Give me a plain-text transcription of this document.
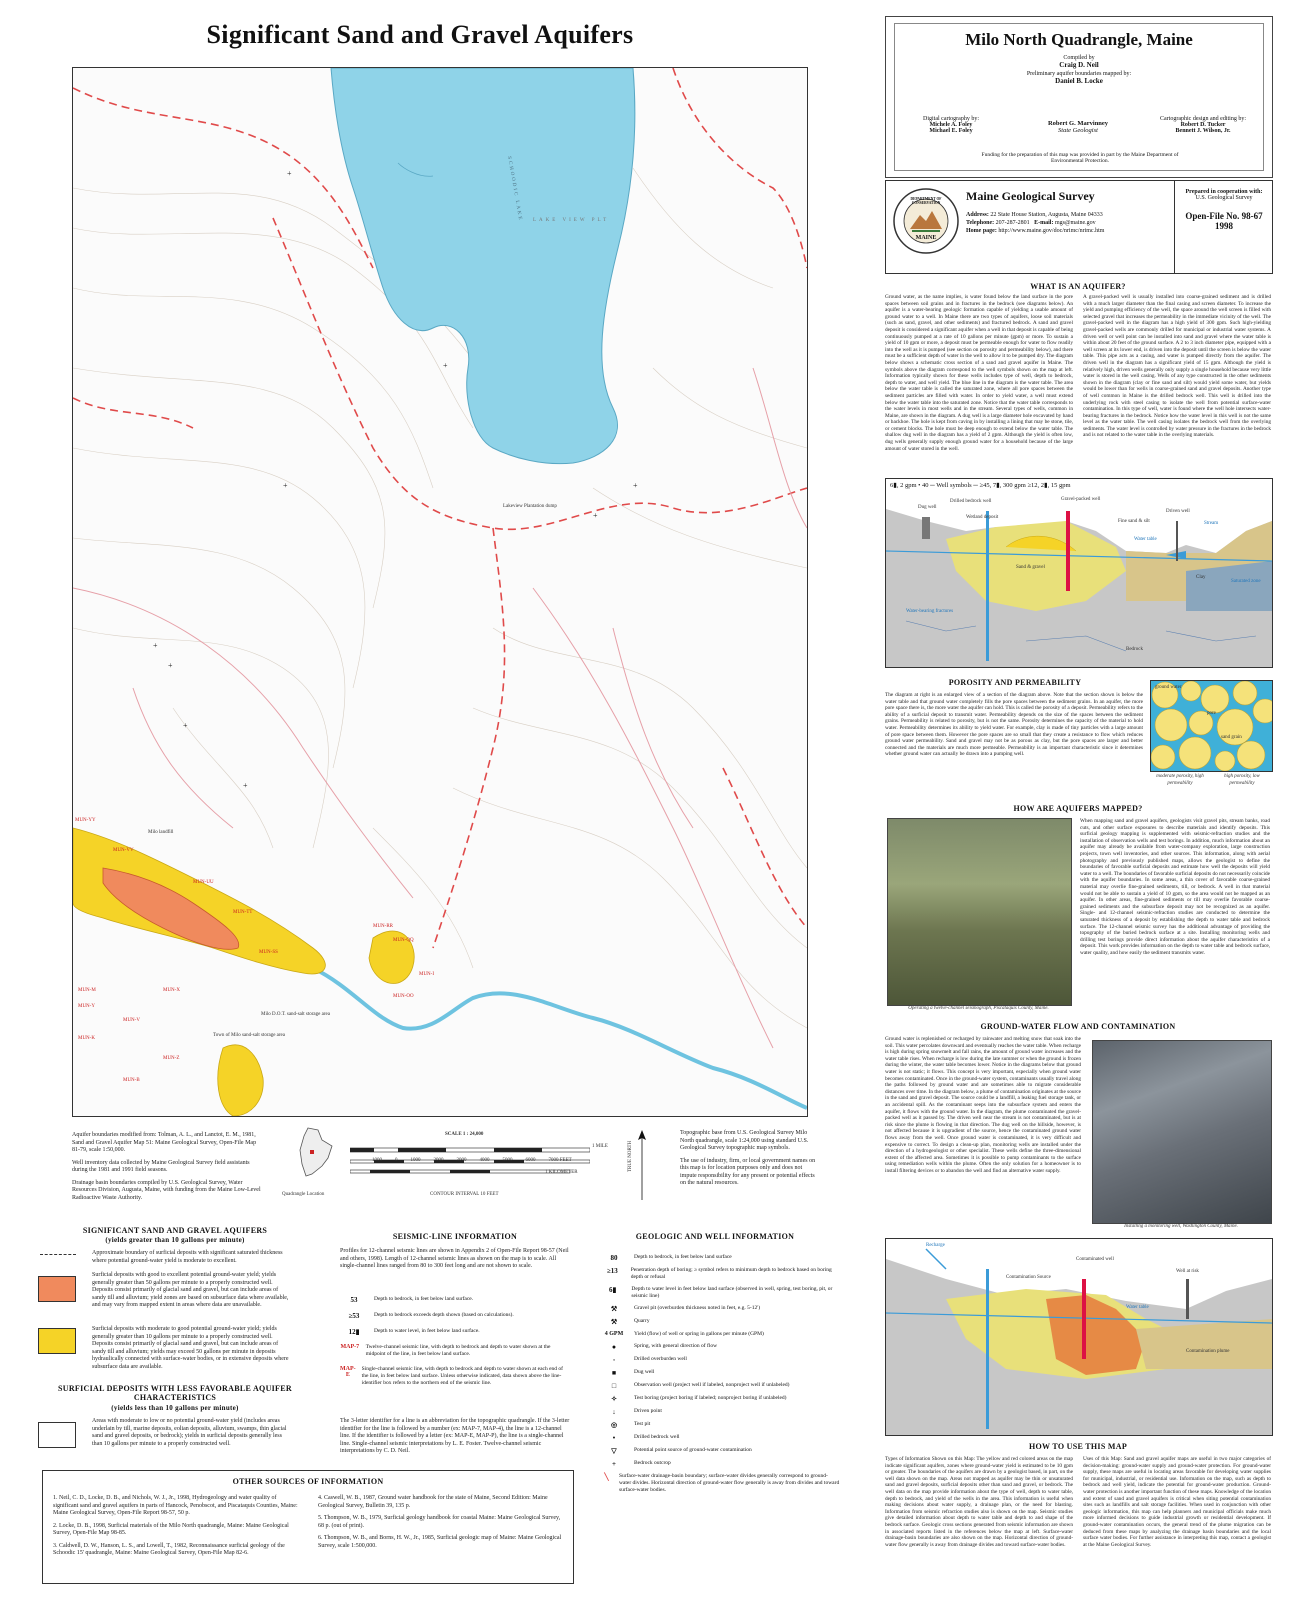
Significant Sand and Gravel Aquifers
+
+
+
+
+
+
+
+
+
SCHOODIC LAKE LAKE VIEW PLT
Lakeview Plantation dump
Milo landfill
Milo D.O.T. sand-salt storage area
Town of Milo sand-salt storage area
MUN-YY
MUN-VV
MUN-UU
MUN-TT
MUN-SS
MUN-RR
MUN-QQ
MUN-I
MUN-OO
MUN-M
MUN-Y
MUN-X
MUN-V
MUN-Z
MUN-B
MUN-K
Aquifer boundaries modified from: Tolman, A. L., and Lanctot, E. M., 1981, Sand and Gravel Aquifer Map 51: Maine Geological Survey, Open-File Map 81-79, scale 1:50,000.
Well inventory data collected by Maine Geological Survey field assistants during the 1981 and 1991 field seasons.
Drainage basin boundaries compiled by U.S. Geological Survey, Water Resources Division, Augusta, Maine, with funding from the Maine Low-Level Radioactive Waste Authority.	Quadrangle Location
SCALE 1 : 24,000
1 MILE
1 KILOMETER
1000	0	1000	2000	3000	4000	5000	6000	7000 FEET
CONTOUR INTERVAL 10 FEET
TRUE NORTH
Topographic base from U.S. Geological Survey Milo North quadrangle, scale 1:24,000 using standard U.S. Geological Survey topographic map symbols.
The use of industry, firm, or local government names on this map is for location purposes only and does not impute responsibility for any present or potential effects on the natural resources.
SIGNIFICANT SAND AND GRAVEL AQUIFERS
(yields greater than 10 gallons per minute)
Approximate boundary of surficial deposits with significant saturated thickness where potential ground-water yield is moderate to excellent.
Surficial deposits with good to excellent potential ground-water yield; yields generally greater than 50 gallons per minute to a properly constructed well. Deposits consist primarily of glacial sand and gravel, but can include areas of sandy till and alluvium; yield zones are based on subsurface data where available, and may vary from mapped extent in areas where data are unavailable.
Surficial deposits with moderate to good potential ground-water yield; yields generally greater than 10 gallons per minute to a properly constructed well. Deposits consist primarily of glacial sand and gravel, but can include areas of sandy till and alluvium; yields may exceed 50 gallons per minute in deposits hydraulically connected with surface-water bodies, or in extensive deposits where subsurface data are available.
SURFICIAL DEPOSITS WITH LESS FAVORABLE AQUIFER CHARACTERISTICS
(yields less than 10 gallons per minute)
Areas with moderate to low or no potential ground-water yield (includes areas underlain by till, marine deposits, eolian deposits, alluvium, swamps, thin glacial sand and gravel deposits, or bedrock); yields in surficial deposits generally less than 10 gallons per minute to a properly constructed well.
SEISMIC-LINE INFORMATION
Profiles for 12-channel seismic lines are shown in Appendix 2 of Open-File Report 98-57 (Neil and others, 1998). Length of 12-channel seismic lines as shown on the map is to scale. All single-channel lines ranged from 80 to 300 feet long and are not shown to scale.
53	Depth to bedrock, in feet below land surface.
≥53	Depth to bedrock exceeds depth shown (based on calculations).
12▮	Depth to water level, in feet below land surface.
MAP-7 Twelve-channel seismic line, with depth to bedrock and depth to water shown at the midpoint of the line, in feet below land surface.
MAP-E
Single-channel seismic line, with depth to bedrock and depth to water shown at each end of the line, in feet below land surface. Unless otherwise indicated, data shown above the line-identifier box refers to the northern end of the seismic line.
The 3-letter identifier for a line is an abbreviation for the topographic quadrangle. If the 3-letter identifier for the line is followed by a number (ex: MAP-7, MAP-4), the line is a 12-channel line. If the identifier is followed by a letter (ex: MAP-E, MAP-P), the line is a single-channel line. Single-channel seismic interpretations by L. E. Foster. Twelve-channel seismic interpretations by C. D. Neil.
GEOLOGIC AND WELL INFORMATION
80	Depth to bedrock, in feet below land surface
≥13	Penetration depth of boring; ≥ symbol refers to minimum depth to bedrock based on boring depth or refusal
6▮	Depth to water level in feet below land surface (observed in well, spring, test boring, pit, or seismic line)
⚒	Gravel pit (overburden thickness noted in feet, e.g. 5-12')
⚒	Quarry
4 GPM	Yield (flow) of well or spring in gallons per minute (GPM)
●	Spring, with general direction of flow
◦	Drilled overburden well
■	Dug well
□	Observation well (project well if labeled, nonproject well if unlabeled)
✧	Test boring (project boring if labeled; nonproject boring if unlabeled)
↓	Driven point
◎	Test pit
•	Drilled bedrock well
▽	Potential point source of ground-water contamination
+	Bedrock outcrop
╲	Surface-water drainage-basin boundary; surface-water divides generally correspond to ground-water divides. Horizontal direction of ground-water flow generally is away from divides and toward surface-water bodies.
OTHER SOURCES OF INFORMATION
1. Neil, C. D., Locke, D. B., and Nichols, W. J., Jr., 1998, Hydrogeology and water quality of significant sand and gravel aquifers in parts of Hancock, Penobscot, and Piscataquis Counties, Maine: Maine Geological Survey, Open-File Report 98-57, 50 p.
2. Locke, D. B., 1998, Surficial materials of the Milo North quadrangle, Maine: Maine Geological Survey, Open-File Map 98-85.
3. Caldwell, D. W., Hanson, L. S., and Lowell, T., 1982, Reconnaissance surficial geology of the Schoodic 15' quadrangle, Maine: Maine Geological Survey, Open-File Map 82-6.
4. Caswell, W. B., 1987, Ground water handbook for the state of Maine, Second Edition: Maine Geological Survey, Bulletin 39, 135 p.
5. Thompson, W. B., 1979, Surficial geology handbook for coastal Maine: Maine Geological Survey, 68 p. (out of print).
6. Thompson, W. B., and Borns, H. W., Jr., 1985, Surficial geologic map of Maine: Maine Geological Survey, scale 1:500,000.
Milo North Quadrangle, Maine
Compiled by
Craig D. Neil
Preliminary aquifer boundaries mapped by:
Daniel B. Locke
Digital cartography by:
Michele A. Foley
Michael E. Foley
Robert G. Marvinney
State Geologist
Cartographic design and editing by:
Robert D. Tucker
Bennett J. Wilson, Jr.
Funding for the preparation of this map was provided in part by the Maine Department of Environmental Protection.
DEPARTMENT OF CONSERVATION
MAINE
Maine Geological Survey
Address: 22 State House Station, Augusta, Maine 04333
Telephone: 207-287-2801 E-mail: mgs@maine.gov
Home page: http://www.maine.gov/doc/nrimc/nrimc.htm
Prepared in cooperation with:
U.S. Geological Survey
Open-File No. 98-67
1998
WHAT IS AN AQUIFER?
Ground water, as the name implies, is water found below the land surface in the pore spaces between soil grains and in fractures in the bedrock (see diagrams below). An aquifer is a water-bearing geologic formation capable of yielding a usable amount of ground water to a well. In Maine there are two types of aquifers, loose soil materials (such as sand, gravel, and other sediments) and fractured bedrock. A sand and gravel deposit is considered a significant aquifer when a well in that deposit is capable of being continuously pumped at a rate of 10 gallons per minute (gpm) or more. To sustain a yield of 10 gpm or more, a deposit must be permeable enough for water to flow readily into the well as it is pumped (see section on porosity and permeability below), and there must be a sufficient depth of water in the well to allow it to be pumped dry. The diagram below shows a schematic cross section of a sand and gravel aquifer in Maine. The symbols above the diagram correspond to the well symbols shown on the map at left. Information typically shown for these wells includes type of well, depth to bedrock, depth to water, and well yield. The blue line in the diagram is the water table. The area below the water table is called the saturated zone, where all pore spaces between the sediment particles are filled with water. In order to yield water, a well must extend below the water table into the saturated zone. Notice that the water table corresponds to the water levels in most wells and in the stream. Several types of wells, common in Maine, are shown in the diagram. A dug well is a large diameter hole excavated by hand or backhoe. The hole is kept from caving in by installing a lining that may be stone, tile, or cement blocks. The hole must be deep enough to extend below the water table. The shallow dug well in the diagram has a yield of 2 gpm. Although the yield is often low, dug wells generally supply enough ground water for a household because of the large amount of water stored in the well.
A gravel-packed well is usually installed into coarse-grained sediment and is drilled with a much larger diameter than the final casing and screen diameter. To increase the yield and pumping efficiency of the well, the space around the well screen is filled with selected gravel that increases the permeability in the immediate vicinity of the well. The gravel-packed well in the diagram has a high yield of 300 gpm. Such high-yielding gravel-packed wells are commonly drilled for municipal or industrial water systems. A driven well or well point can be installed into sand and gravel where the water table is within about 20 feet of the ground surface. A 2 to 3 inch diameter pipe, equipped with a well screen at its lower end, is driven into the deposit until the screen is below the water table. This pipe acts as a casing, and water is pumped directly from the aquifer. The driven well in the diagram has a significant yield of 15 gpm. Although the yield is relatively high, driven wells generally only supply a single household because very little water is stored in the well casing. Wells of any type constructed in the other sediments shown in the diagram (clay or fine sand and silt) would yield some water, but yields would be lower than for wells in coarse-grained sand and gravel deposits. Another type of well common in Maine is the drilled bedrock well. This well is drilled into the underlying rock with steel casing to isolate the well from potential surface-water contamination. In this type of well, water is found where the well hole intersects water-bearing fractures in the bedrock. Notice how the water level in this well is not the same level as the water table. The well casing isolates the bedrock well from the overlying sediments. The water level is controlled by water pressure in the fractures in the bedrock and is not related to the water table in the overlying materials.
6▮, 2 gpm • 40 ─ Well symbols ─ ≥45, 7▮, 300 gpm ≥12, 2▮, 15 gpm
Dug well
Drilled bedrock well	Gravel-packed well
Driven well
Wetland deposit
Fine sand & silt	Stream
Water table
Sand & gravel
Clay
Saturated zone
Water-bearing fractures
Bedrock
POROSITY AND PERMEABILITY
The diagram at right is an enlarged view of a section of the diagram above. Note that the section shown is below the water table and that ground water completely fills the pore spaces between the sediment grains. In an aquifer, the more pore space there is, the more water the aquifer can hold. This is called the porosity of a deposit. Permeability refers to the ability of a surficial deposit to transmit water. Permeability depends on the size of the spaces between the sediment grains. Permeability is related to porosity, but is not the same. Porosity determines the capacity of the material to hold water. Permeability determines its ability to yield water. For example, clay is made of tiny particles with a large amount of pore space between them. However the pore spaces are so small that they create a resistance to flow which reduces ground water permeability. Sand and gravel may not be as porous as clay, but the pore spaces are larger and better connected and the materials are much more permeable. Permeability is an important characteristic since it determines whether ground water can actually be drawn into a pumping well.
ground water
pore
sand grain
moderate porosity, high permeability
high porosity, low permeability
HOW ARE AQUIFERS MAPPED?
Operating a twelve-channel seismograph, Piscataquis County, Maine.
When mapping sand and gravel aquifers, geologists visit gravel pits, stream banks, road cuts, and other surface exposures to describe materials and identify deposits. This surficial geology mapping is supplemented with seismic-refraction studies and the installation of observation wells and test borings. In addition, much information about an aquifer may already be available from water-company exploration, large construction projects, town well inventories, and other sources. This information, along with aerial photography and previously published maps, allows the geologist to define the boundaries of favorable surficial deposits and estimate how well the deposits will yield water to a well. The boundaries of favorable surficial deposits do not necessarily coincide with the aquifer boundaries. In some areas, a thin cover of favorable coarse-grained material may overlie fine-grained sediments, till, or bedrock. A well in that material would not be able to sustain a yield of 10 gpm, so the area would not be mapped as an aquifer. In other areas, fine-grained sediments or till may overlie favorable coarse-grained sediments and the subsurface deposit may not be recognized as an aquifer. Single- and 12-channel seismic-refraction studies are conducted to determine the saturated thickness of a deposit by establishing the depth to water table and bedrock surface. The 12-channel seismic survey has the additional advantage of providing the topography of the buried bedrock surface at a site. Installing monitoring wells and drilling test borings provide direct information about the aquifer characteristics of a deposit. This work provides information on the depth to water table and bedrock surface, water quality, and how easily the sediment transmits water.
GROUND-WATER FLOW AND CONTAMINATION
Ground water is replenished or recharged by rainwater and melting snow that soak into the soil. This water percolates downward and eventually reaches the water table. When recharge is high during spring snowmelt and fall rains, the amount of ground water increases and the water table rises. When recharge is low during the late summer or when the ground is frozen during the winter, the water table becomes lower. Notice in the diagrams below that ground water is not static; it flows. This concept is very important, especially when ground water becomes contaminated. Once in the ground-water system, contaminants usually travel along the paths followed by ground water and are sometimes able to migrate considerable distances over time. In the diagram below, a plume of contamination originates at the source in the sand and gravel deposit. The source could be a landfill, a leaking fuel storage tank, or an accidental spill. As the contaminant seeps into the subsurface system and enters the aquifer, it flows with the ground water. In the diagram, the plume contaminated the gravel-packed well as it passed by. The driven well near the stream is not contaminated, but is at risk since the plume is flowing in that direction. The dug well on the hillside, however, is not affected because it is upgradient of the source, hence the contaminated ground water flows away from the well. Once ground water is contaminated, it is very difficult and expensive to correct. To design a clean-up plan, monitoring wells are installed under the direction of a hydrogeologist or other specialist. These wells define the three-dimensional extent of the affected area. Sometimes it is possible to pump contaminants to the surface using remediation wells within the plume. Often the only solution for a homeowner is to install filtering devices or to abandon the well and find an alternative water supply.
Installing a monitoring well, Washington County, Maine.
Recharge
Contamination Source
Contaminated well
Well at risk
Water table
Contamination plume
HOW TO USE THIS MAP
Types of Information Shown on this Map: The yellow and red colored areas on the map indicate significant aquifers, zones where ground-water yield is estimated to be 10 gpm or greater. The boundaries of the aquifers are drawn by a geologist based, in part, on the well data shown on the map. Areas not mapped as aquifer may be thin or unsaturated sand and gravel deposits, surficial deposits other than sand and gravel, or bedrock. The well data on the map provide information about the type of well, depth to water table, depth to bedrock, and yield of the wells in the area. This information is useful when making decisions about water supply, a drainage plan, or the need for blasting. Information from seismic refraction studies also is shown on the map. Seismic studies give detailed information about depth to water table and depth to and shape of the bedrock surface. Geologic cross sections generated from seismic information are shown in associated reports listed in the references below the map at left. Surface-water drainage-basin boundaries are also shown on the map. Horizontal direction of ground-water flow generally is away from drainage divides and toward surface-water bodies.
Uses of this Map: Sand and gravel aquifer maps are useful in two major categories of decision-making: ground-water supply and ground-water protection. For ground-water supply, these maps are useful in locating areas favorable for developing water supplies for municipal, industrial, or residential use. Information on the map, such as depth to bedrock and well yield, indicate the potential for ground-water production. Ground-water protection is another important function of these maps. Knowledge of the location and extent of sand and gravel aquifers is critical when siting potential contamination sites such as landfills and salt storage facilities. When used in conjunction with other geologic information, this map can help planners and municipal officials make much more informed decisions to guide industrial growth or residential development. If ground-water contamination occurs, the general trend of the plume migration can be deduced from these maps by analyzing the drainage basin boundaries and the local surface water bodies. For further assistance in interpreting this map, contact a geologist at the Maine Geological Survey.
